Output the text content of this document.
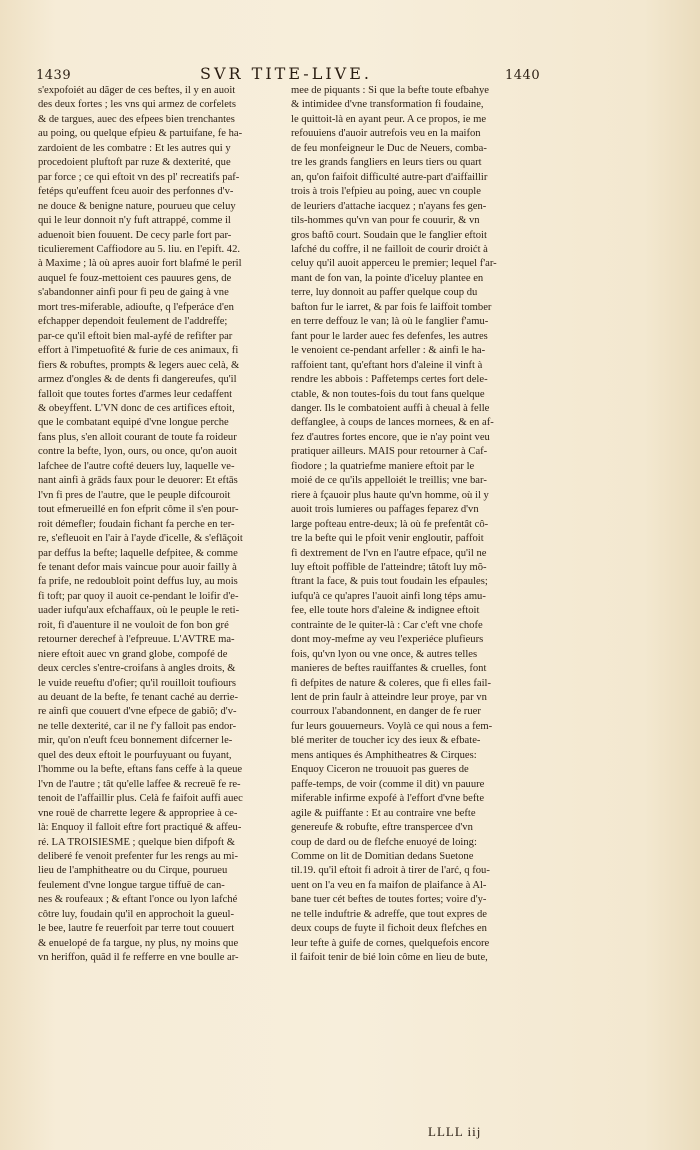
1439	SVR TITE-LIVE.	1440
s'expofoiét au dãger de ces beftes, il y en auoit
des deux fortes ; les vns qui armez de corfelets
& de targues, auec des efpees bien trenchantes
au poing, ou quelque efpieu & partuifane, fe ha-
zardoient de les combatre : Et les autres qui y
procedoient pluftoft par ruze & dexterité, que
par force ; ce qui eftoit vn des pl' recreatifs paf-
fetéps qu'euffent fceu auoir des perfonnes d'v-
ne douce & benigne nature, pourueu que celuy
qui le leur donnoit n'y fuft attrappé, comme il
aduenoit bien fouuent. De cecy parle fort par-
ticulierement Caffiodore au 5. liu. en l'epift. 42.
à Maxime ; là où apres auoir fort blafmé le peril
auquel fe fouz-mettoient ces pauures gens, de
s'abandonner ainfi pour fi peu de gaing à vne
mort tres-miferable, adioufte, q l'efperáce d'en
efchapper dependoit feulement de l'addreffe;
par-ce qu'il eftoit bien mal-ayfé de refifter par
effort à l'impetuofité & furie de ces animaux, fi
fiers & robuftes, prompts & legers auec celà, &
armez d'ongles & de dents fi dangereufes, qu'il
falloit que toutes fortes d'armes leur cedaffent
& obeyffent. L'VN donc de ces artifices eftoit,
que le combatant equipé d'vne longue perche
fans plus, s'en alloit courant de toute fa roideur
contre la befte, lyon, ours, ou once, qu'on auoit
lafchee de l'autre cofté deuers luy, laquelle ve-
nant ainfi à grāds faux pour le deuorer: Et eftās
l'vn fi pres de l'autre, que le peuple difcouroit
tout efmerueillé en fon efprit côme il s'en pour-
roit démefler; foudain fichant fa perche en ter-
re, s'efleuoit en l'air à l'ayde d'icelle, & s'eflāçoit
par deffus la befte; laquelle defpitee, & comme
fe tenant defor mais vaincue pour auoir failly à
fa prife, ne redoubloit point deffus luy, au mois
fi toft; par quoy il auoit ce-pendant le loifir d'e-
uader iufqu'aux efchaffaux, où le peuple le reti-
roit, fi d'auenture il ne vouloit de fon bon gré
retourner derechef à l'efpreuue. L'AVTRE ma-
niere eftoit auec vn grand globe, compofé de
deux cercles s'entre-croifans à angles droits, &
le vuide reueftu d'ofier; qu'il rouilloit toufiours
au deuant de la befte, fe tenant caché au derrie-
re ainfi que couuert d'vne efpece de gabiõ; d'v-
ne telle dexterité, car il ne f'y falloit pas endor-
mir, qu'on n'euft fceu bonnement difcerner le-
quel des deux eftoit le pourfuyuant ou fuyant,
l'homme ou la befte, eftans fans ceffe à la queue
l'vn de l'autre ; tât qu'elle laffee & recreuë fe re-
tenoit de l'affaillir plus. Celà fe faifoit auffi auec
vne rouë de charrette legere & appropriee à ce-
là: Enquoy il falloit eftre fort practiqué & affeu-
ré. LA TROISIESME ; quelque bien difpoft &
deliberé fe venoit prefenter fur les rengs au mi-
lieu de l'amphitheatre ou du Cirque, pourueu
feulement d'vne longue targue tiffuë de can-
nes & roufeaux ; & eftant l'once ou lyon lafché
côtre luy, foudain qu'il en approchoit la gueul-
le bee, lautre fe reuerfoit par terre tout couuert
& enuelopé de fa targue, ny plus, ny moins que
vn heriffon, quãd il fe refferre en vne boulle ar-
mee de piquants : Si que la befte toute efbahye
& intimidee d'vne transformation fi foudaine,
le quittoit-là en ayant peur. A ce propos, ie me
refouuiens d'auoir autrefois veu en la maifon
de feu monfeigneur le Duc de Neuers, comba-
tre les grands fangliers en leurs tiers ou quart
an, qu'on faifoit difficulté autre-part d'aiffaillir
trois à trois l'efpieu au poing, auec vn couple
de leuriers d'attache iacquez ; n'ayans fes gen-
tils-hommes qu'vn van pour fe couurir, & vn
gros baftõ court. Soudain que le fanglier eftoit
lafché du coffre, il ne failloit de courir droićt à
celuy qu'il auoit apperceu le premier; lequel f'ar-
mant de fon van, la pointe d'iceluy plantee en
terre, luy donnoit au paffer quelque coup du
bafton fur le iarret, & par fois fe laiffoit tomber
en terre deffouz le van; là où le fanglier f'amu-
fant pour le larder auec fes defenfes, les autres
le venoient ce-pendant arfeller : & ainfi le ha-
raffoient tant, qu'eftant hors d'aleine il vinft à
rendre les abbois : Paffetemps certes fort dele-
ctable, & non toutes-fois du tout fans quelque
danger. Ils le combatoient auffi à cheual à felle
deffanglee, à coups de lances mornees, & en af-
fez d'autres fortes encore, que ie n'ay point veu
pratiquer ailleurs. MAIS pour retourner à Caf-
fiodore ; la quatriefme maniere eftoit par le
moié de ce qu'ils appelloiét le treillis; vne bar-
riere à fçauoir plus haute qu'vn homme, où il y
auoit trois lumieres ou paffages feparez d'vn
large pofteau entre-deux; là où fe prefentât cô-
tre la befte qui le pfoit venir engloutir, paffoit
fi dextrement de l'vn en l'autre efpace, qu'il ne
luy eftoit poffible de l'atteindre; tãtoft luy mõ-
ftrant la face, & puis tout foudain les efpaules;
iufqu'à ce qu'apres l'auoit ainfi long téps amu-
fee, elle toute hors d'aleine & indignee eftoit
contrainte de le quiter-là : Car c'eft vne chofe
dont moy-mefme ay veu l'experiéce plufieurs
fois, qu'vn lyon ou vne once, & autres telles
manieres de beftes rauiffantes & cruelles, font
fi defpites de nature & coleres, que fi elles fail-
lent de prin faulr à atteindre leur proye, par vn
courroux l'abandonnent, en danger de fe ruer
fur leurs gouuerneurs. Voylà ce qui nous a fem-
blé meriter de toucher icy des ieux & efbate-
mens antiques és Amphitheatres & Cirques:
Enquoy Ciceron ne trouuoit pas gueres de
paffe-temps, de voir (comme il dit) vn pauure
miferable infirme expofé à l'effort d'vne befte
agile & puiffante : Et au contraire vne befte
genereufe & robufte, eftre transpercee d'vn
coup de dard ou de flefche enuoyé de loing:
Comme on lit de Domitian dedans Suetone
til.19. qu'il eftoit fi adroit à tirer de l'arć, q fou-
uent on l'a veu en fa maifon de plaifance à Al-
bane tuer cét beftes de toutes fortes; voire d'y-
ne telle induftrie & adreffe, que tout expres de
deux coups de fuyte il fichoit deux flefches en
leur tefte à guife de cornes, quelquefois encore
il faifoit tenir de bié loin côme en lieu de bute,
LLLL iij
